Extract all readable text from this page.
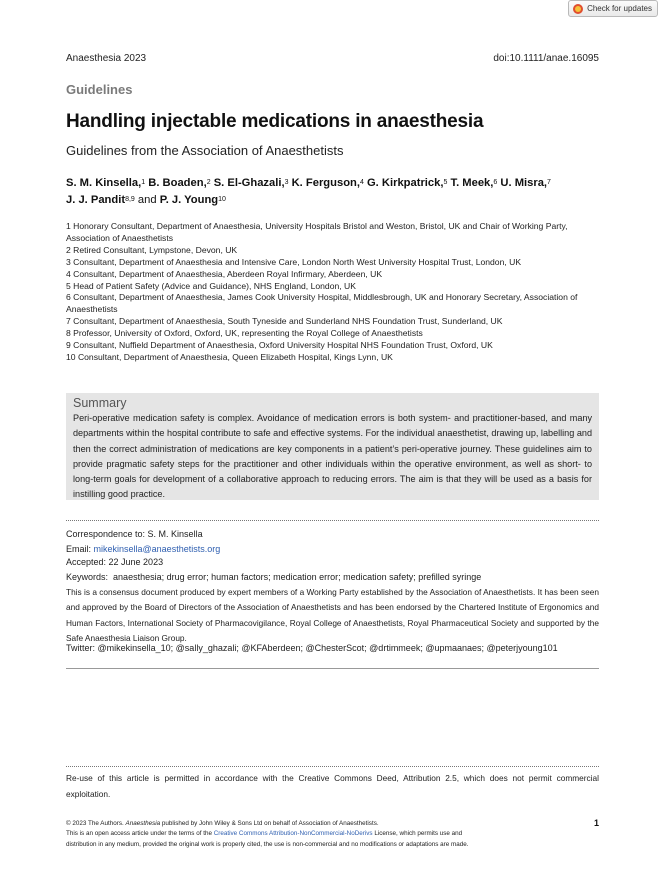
Check for updates
Anaesthesia 2023	doi:10.1111/anae.16095
Guidelines
Handling injectable medications in anaesthesia
Guidelines from the Association of Anaesthetists
S. M. Kinsella,$^1$ B. Boaden,$^2$ S. El-Ghazali,$^3$ K. Ferguson,$^4$ G. Kirkpatrick,$^5$ T. Meek,$^6$ U. Misra,$^7$
J. J. Pandit$^{8,9}$ and P. J. Young$^{10}$
1 Honorary Consultant, Department of Anaesthesia, University Hospitals Bristol and Weston, Bristol, UK and Chair of Working Party, Association of Anaesthetists
2 Retired Consultant, Lympstone, Devon, UK
3 Consultant, Department of Anaesthesia and Intensive Care, London North West University Hospital Trust, London, UK
4 Consultant, Department of Anaesthesia, Aberdeen Royal Infirmary, Aberdeen, UK
5 Head of Patient Safety (Advice and Guidance), NHS England, London, UK
6 Consultant, Department of Anaesthesia, James Cook University Hospital, Middlesbrough, UK and Honorary Secretary, Association of Anaesthetists
7 Consultant, Department of Anaesthesia, South Tyneside and Sunderland NHS Foundation Trust, Sunderland, UK
8 Professor, University of Oxford, Oxford, UK, representing the Royal College of Anaesthetists
9 Consultant, Nuffield Department of Anaesthesia, Oxford University Hospital NHS Foundation Trust, Oxford, UK
10 Consultant, Department of Anaesthesia, Queen Elizabeth Hospital, Kings Lynn, UK
Summary
Peri-operative medication safety is complex. Avoidance of medication errors is both system- and practitioner-based, and many departments within the hospital contribute to safe and effective systems. For the individual anaesthetist, drawing up, labelling and then the correct administration of medications are key components in a patient’s peri-operative journey. These guidelines aim to provide pragmatic safety steps for the practitioner and other individuals within the operative environment, as well as short- to long-term goals for development of a collaborative approach to reducing errors. The aim is that they will be used as a basis for instilling good practice.
Correspondence to: S. M. Kinsella
Email: mikekinsella@anaesthetists.org
Accepted: 22 June 2023
Keywords: anaesthesia; drug error; human factors; medication error; medication safety; prefilled syringe
This is a consensus document produced by expert members of a Working Party established by the Association of Anaesthetists. It has been seen and approved by the Board of Directors of the Association of Anaesthetists and has been endorsed by the Chartered Institute of Ergonomics and Human Factors, International Society of Pharmacovigilance, Royal College of Anaesthetists, Royal Pharmaceutical Society and supported by the Safe Anaesthesia Liaison Group.
Twitter: @mikekinsella_10; @sally_ghazali; @KFAberdeen; @ChesterScot; @drtimmeek; @upmaanaes; @peterjyoung101
Re-use of this article is permitted in accordance with the Creative Commons Deed, Attribution 2.5, which does not permit commercial exploitation.
© 2023 The Authors. Anaesthesia published by John Wiley & Sons Ltd on behalf of Association of Anaesthetists.
This is an open access article under the terms of the Creative Commons Attribution-NonCommercial-NoDerivs License, which permits use and
distribution in any medium, provided the original work is properly cited, the use is non-commercial and no modifications or adaptations are made.
1
